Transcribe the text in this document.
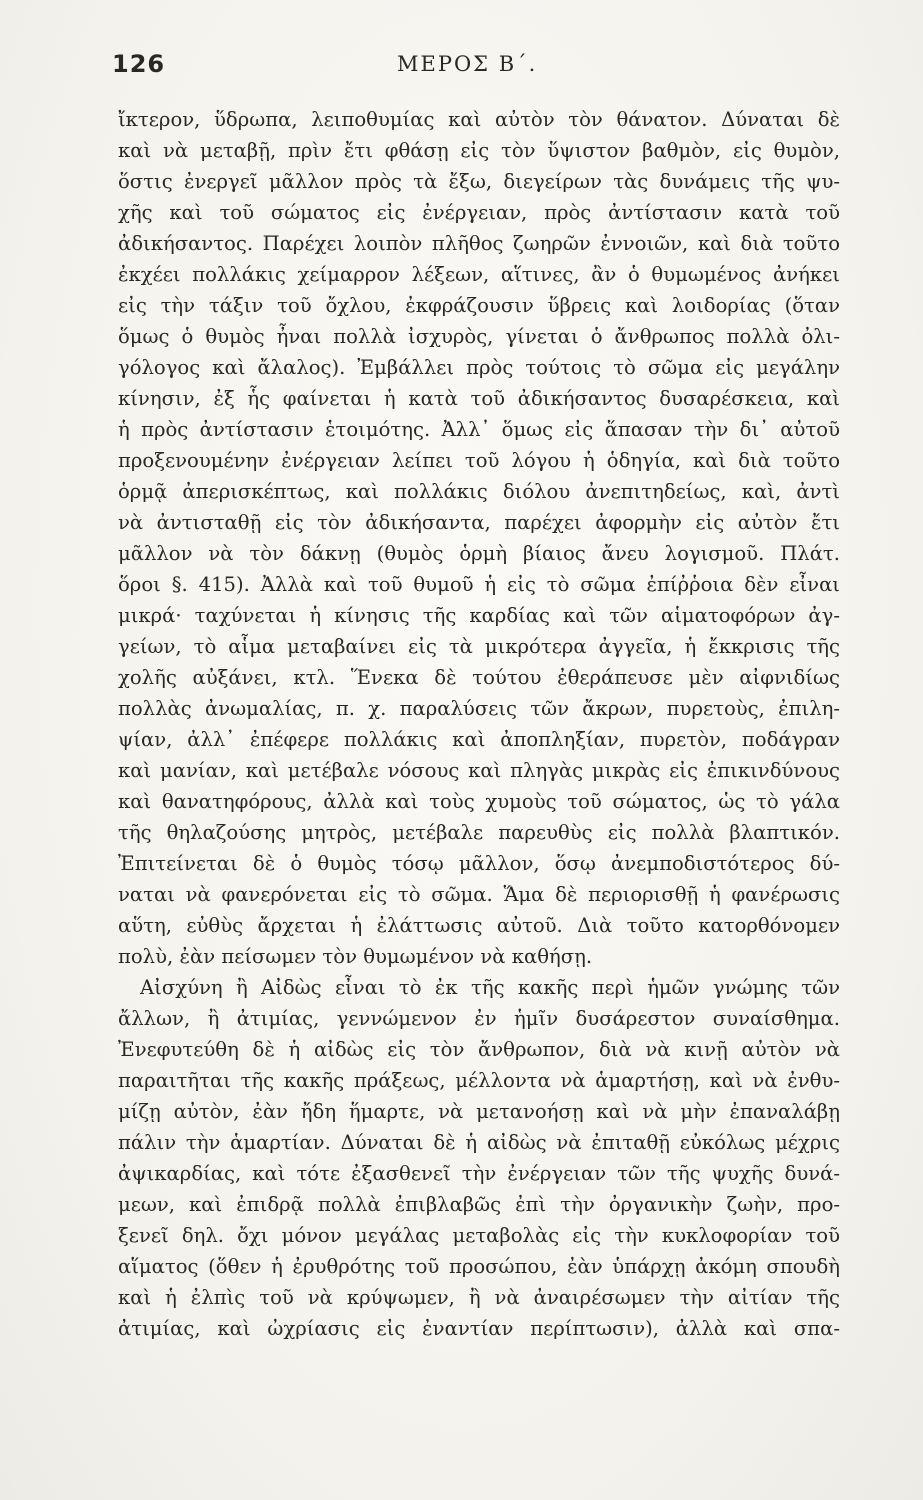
126	ΜΕΡΟΣ Β΄.
ἴκτερον, ὕδρωπα, λειποθυμίας καὶ αὐτὸν τὸν θάνατον. Δύναται δὲ
καὶ νὰ μεταβῇ, πρὶν ἔτι φθάσῃ εἰς τὸν ὕψιστον βαθμὸν, εἰς θυμὸν,
ὅστις ἐνεργεῖ μᾶλλον πρὸς τὰ ἔξω, διεγείρων τὰς δυνάμεις τῆς ψυ-
χῆς καὶ τοῦ σώματος εἰς ἐνέργειαν, πρὸς ἀντίστασιν κατὰ τοῦ
ἀδικήσαντος. Παρέχει λοιπὸν πλῆθος ζωηρῶν ἐννοιῶν, καὶ διὰ τοῦτο
ἐκχέει πολλάκις χείμαρρον λέξεων, αἵτινες, ἂν ὁ θυμωμένος ἀνήκει
εἰς τὴν τάξιν τοῦ ὄχλου, ἐκφράζουσιν ὕβρεις καὶ λοιδορίας (ὅταν
ὅμως ὁ θυμὸς ἦναι πολλὰ ἰσχυρὸς, γίνεται ὁ ἄνθρωπος πολλὰ ὀλι-
γόλογος καὶ ἄλαλος). Ἐμβάλλει πρὸς τούτοις τὸ σῶμα εἰς μεγάλην
κίνησιν, ἐξ ἧς φαίνεται ἡ κατὰ τοῦ ἀδικήσαντος δυσαρέσκεια, καὶ
ἡ πρὸς ἀντίστασιν ἑτοιμότης. Ἀλλ᾽ ὅμως εἰς ἅπασαν τὴν δι᾽ αὐτοῦ
προξενουμένην ἐνέργειαν λείπει τοῦ λόγου ἡ ὁδηγία, καὶ διὰ τοῦτο
ὁρμᾷ ἀπερισκέπτως, καὶ πολλάκις διόλου ἀνεπιτηδείως, καὶ, ἀντὶ
νὰ ἀντισταθῇ εἰς τὸν ἀδικήσαντα, παρέχει ἀφορμὴν εἰς αὐτὸν ἔτι
μᾶλλον νὰ τὸν δάκνῃ (θυμὸς ὁρμὴ βίαιος ἄνευ λογισμοῦ. Πλάτ.
ὅροι §. 415). Ἀλλὰ καὶ τοῦ θυμοῦ ἡ εἰς τὸ σῶμα ἐπίῤῥοια δὲν εἶναι
μικρά· ταχύνεται ἡ κίνησις τῆς καρδίας καὶ τῶν αἱματοφόρων ἀγ-
γείων, τὸ αἷμα μεταβαίνει εἰς τὰ μικρότερα ἀγγεῖα, ἡ ἔκκρισις τῆς
χολῆς αὐξάνει, κτλ. Ἕνεκα δὲ τούτου ἐθεράπευσε μὲν αἰφνιδίως
πολλὰς ἀνωμαλίας, π. χ. παραλύσεις τῶν ἄκρων, πυρετοὺς, ἐπιλη-
ψίαν, ἀλλ᾽ ἐπέφερε πολλάκις καὶ ἀποπληξίαν, πυρετὸν, ποδάγραν
καὶ μανίαν, καὶ μετέβαλε νόσους καὶ πληγὰς μικρὰς εἰς ἐπικινδύνους
καὶ θανατηφόρους, ἀλλὰ καὶ τοὺς χυμοὺς τοῦ σώματος, ὡς τὸ γάλα
τῆς θηλαζούσης μητρὸς, μετέβαλε παρευθὺς εἰς πολλὰ βλαπτικόν.
Ἐπιτείνεται δὲ ὁ θυμὸς τόσῳ μᾶλλον, ὅσῳ ἀνεμποδιστότερος δύ-
ναται νὰ φανερόνεται εἰς τὸ σῶμα. Ἅμα δὲ περιορισθῇ ἡ φανέρωσις
αὕτη, εὐθὺς ἄρχεται ἡ ἐλάττωσις αὐτοῦ. Διὰ τοῦτο κατορθόνομεν
πολὺ, ἐὰν πείσωμεν τὸν θυμωμένον νὰ καθήσῃ.
Αἰσχύνη ἢ Αἰδὼς εἶναι τὸ ἐκ τῆς κακῆς περὶ ἡμῶν γνώμης τῶν
ἄλλων, ἢ ἀτιμίας, γεννώμενον ἐν ἡμῖν δυσάρεστον συναίσθημα.
Ἐνεφυτεύθη δὲ ἡ αἰδὼς εἰς τὸν ἄνθρωπον, διὰ νὰ κινῇ αὐτὸν νὰ
παραιτῆται τῆς κακῆς πράξεως, μέλλοντα νὰ ἁμαρτήσῃ, καὶ νὰ ἐνθυ-
μίζῃ αὐτὸν, ἐὰν ἤδη ἥμαρτε, νὰ μετανοήσῃ καὶ νὰ μὴν ἐπαναλάβῃ
πάλιν τὴν ἁμαρτίαν. Δύναται δὲ ἡ αἰδὼς νὰ ἐπιταθῇ εὐκόλως μέχρις
ἀψικαρδίας, καὶ τότε ἐξασθενεῖ τὴν ἐνέργειαν τῶν τῆς ψυχῆς δυνά-
μεων, καὶ ἐπιδρᾷ πολλὰ ἐπιβλαβῶς ἐπὶ τὴν ὀργανικὴν ζωὴν, προ-
ξενεῖ δηλ. ὄχι μόνον μεγάλας μεταβολὰς εἰς τὴν κυκλοφορίαν τοῦ
αἵματος (ὅθεν ἡ ἐρυθρότης τοῦ προσώπου, ἐὰν ὑπάρχῃ ἀκόμη σπουδὴ
καὶ ἡ ἐλπὶς τοῦ νὰ κρύψωμεν, ἢ νὰ ἀναιρέσωμεν τὴν αἰτίαν τῆς
ἀτιμίας, καὶ ὠχρίασις εἰς ἐναντίαν περίπτωσιν), ἀλλὰ καὶ σπα-
